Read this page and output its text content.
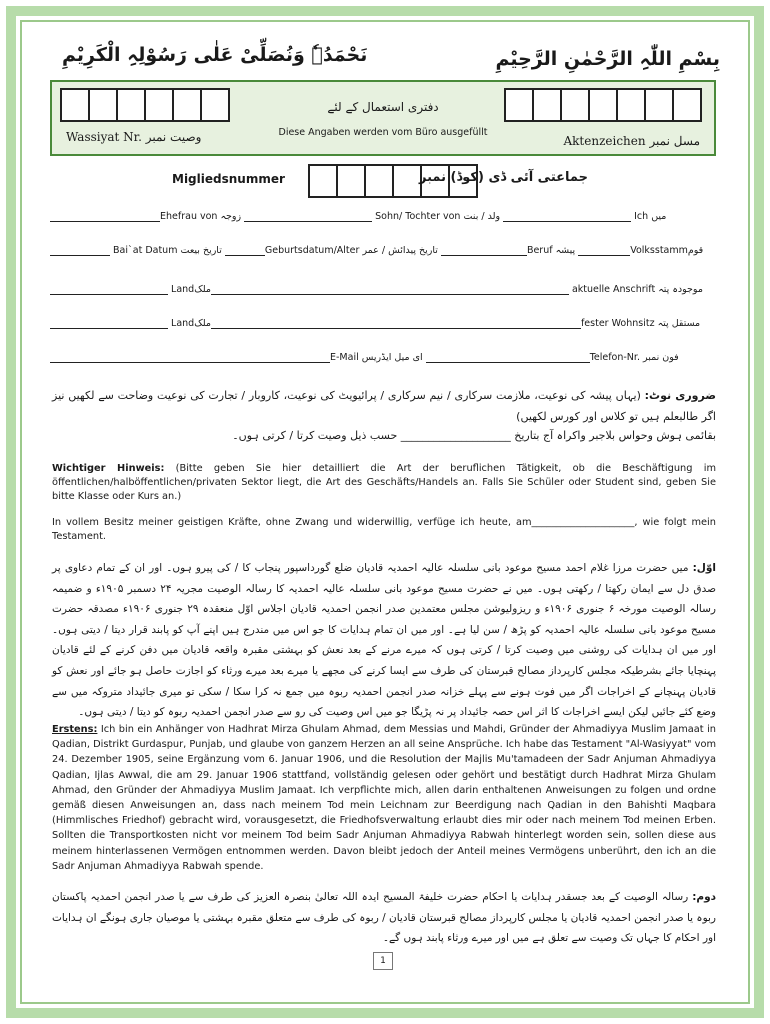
بِسْمِ اللّٰہِ الرَّحْمٰنِ الرَّحِیْمِ
نَحْمَدُہٗ وَنُصَلِّیْ عَلٰی رَسُوْلِہِ الْکَرِیْمِ
دفتری استعمال کے لئے
Diese Angaben werden vom Büro ausgefüllt
Wassiyat Nr. وصیت نمبر	Aktenzeichen مسل نمبر
Migliedsnummer	جماعتی آئی ڈی (کوڈ) نمبر
Ehefrau von زوجہ	Sohn/ Tochter von ولد / بنت	Ich میں
Bai`at Datum تاریخ بیعت	Geburtsdatum/Alter تاریخ پیدائش / عمر	Beruf پیشہ	Volksstammقوم
Landملک	aktuelle Anschrift موجودہ پتہ
Landملک	fester Wohnsitz مستقل پتہ
E-Mail ای میل ایڈریس	Telefon-Nr. فون نمبر
ضروری نوٹ: (یہاں پیشہ کی نوعیت، ملازمت سرکاری / نیم سرکاری / پرائیویٹ کی نوعیت، کاروبار / تجارت کی نوعیت وضاحت سے لکھیں نیز اگر طالبعلم ہیں تو کلاس اور کورس لکھیں)
بقائمی ہوش وحواس بلاجبر واکراہ آج بتاریخ ____________________ حسب ذیل وصیت کرتا / کرتی ہوں۔
Wichtiger Hinweis: (Bitte geben Sie hier detailliert die Art der beruflichen Tätigkeit, ob die Beschäftigung im öffentlichen/halböffentlichen/privaten Sektor liegt, die Art des Geschäfts/Handels an. Falls Sie Schüler oder Student sind, geben Sie bitte Klasse oder Kurs an.)
In vollem Besitz meiner geistigen Kräfte, ohne Zwang und widerwillig, verfüge ich heute, am_____________________, wie folgt mein Testament.
اوّل: میں حضرت مرزا غلام احمد مسیح موعود بانی سلسلہ عالیہ احمدیہ قادیان ضلع گورداسپور پنجاب کا / کی پیرو ہوں۔ اور ان کے تمام دعاوی پر صدق دل سے ایمان رکھتا / رکھتی ہوں۔ میں نے حضرت مسیح موعود بانی سلسلہ عالیہ احمدیہ کا رسالہ الوصیت مجریہ ۲۴ دسمبر ۱۹۰۵ء و ضمیمہ رسالہ الوصیت مورخہ ۶ جنوری ۱۹۰۶ء و ریزولیوشن مجلس معتمدین صدر انجمن احمدیہ قادیان اجلاس اوّل منعقدہ ۲۹ جنوری ۱۹۰۶ء مصدقہ حضرت مسیح موعود بانی سلسلہ عالیہ احمدیہ کو پڑھ / سن لیا ہے۔ اور میں ان تمام ہدایات کا جو اس میں مندرج ہیں اپنے آپ کو پابند قرار دیتا / دیتی ہوں۔ اور میں ان ہدایات کی روشنی میں وصیت کرتا / کرتی ہوں کہ میرے مرنے کے بعد نعش کو بہشتی مقبرہ واقعہ قادیان میں دفن کرنے کے لئے قادیان پہنچایا جائے بشرطیکہ مجلس کارپرداز مصالح قبرستان کی طرف سے ایسا کرنے کی مجھے یا میرے بعد میرے ورثاء کو اجازت حاصل ہو جائے اور نعش کو قادیان پہنچانے کے اخراجات اگر میں فوت ہونے سے پہلے خزانہ صدر انجمن احمدیہ ربوہ میں جمع نہ کرا سکا / سکی تو میری جائیداد متروکہ میں سے وضع کئے جائیں لیکن ایسے اخراجات کا اثر اس حصہ جائیداد پر نہ پڑیگا جو میں اس وصیت کی رو سے صدر انجمن احمدیہ ربوہ کو دیتا / دیتی ہوں۔
Erstens: Ich bin ein Anhänger von Hadhrat Mirza Ghulam Ahmad, dem Messias und Mahdi, Gründer der Ahmadiyya Muslim Jamaat in Qadian, Distrikt Gurdaspur, Punjab, und glaube von ganzem Herzen an all seine Ansprüche. Ich habe das Testament "Al-Wasiyyat" vom 24. Dezember 1905, seine Ergänzung vom 6. Januar 1906, und die Resolution der Majlis Mu'tamadeen der Sadr Anjuman Ahmadiyya Qadian, Ijlas Awwal, die am 29. Januar 1906 stattfand, vollständig gelesen oder gehört und bestätigt durch Hadhrat Mirza Ghulam Ahmad, den Gründer der Ahmadiyya Muslim Jamaat. Ich verpflichte mich, allen darin enthaltenen Anweisungen zu folgen und ordne gemäß diesen Anweisungen an, dass nach meinem Tod mein Leichnam zur Beerdigung nach Qadian in den Bahishti Maqbara (Himmlisches Friedhof) gebracht wird, vorausgesetzt, die Friedhofsverwaltung erlaubt dies mir oder nach meinem Tod meinen Erben. Sollten die Transportkosten nicht vor meinem Tod beim Sadr Anjuman Ahmadiyya Rabwah hinterlegt worden sein, sollen diese aus meinem hinterlassenen Vermögen entnommen werden. Davon bleibt jedoch der Anteil meines Vermögens unberührt, den ich an die Sadr Anjuman Ahmadiyya Rabwah spende.
دوم: رسالہ الوصیت کے بعد جسقدر ہدایات یا احکام حضرت خلیفۃ المسیح ایدہ اللہ تعالیٰ بنصرہ العزیز کی طرف سے یا صدر انجمن احمدیہ پاکستان ربوہ یا صدر انجمن احمدیہ قادیان یا مجلس کارپرداز مصالح قبرستان قادیان / ربوہ کی طرف سے متعلق مقبرہ بہشتی یا موصیان جاری ہونگے ان ہدایات اور احکام کا جہاں تک وصیت سے تعلق ہے میں اور میرے ورثاء پابند ہوں گے۔
1
